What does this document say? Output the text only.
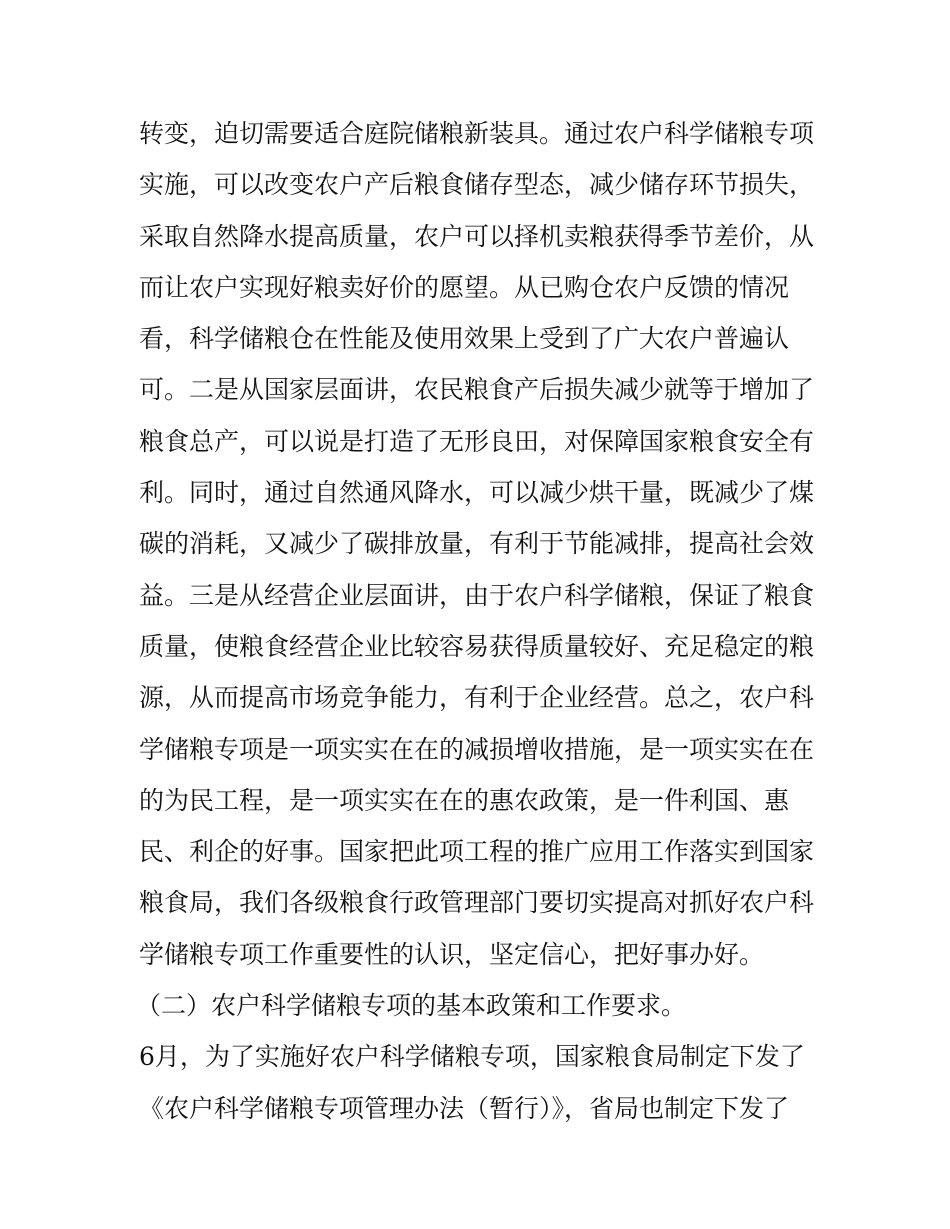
转变，迫切需要适合庭院储粮新装具。通过农户科学储粮专项
实施，可以改变农户产后粮食储存型态，减少储存环节损失，
采取自然降水提高质量，农户可以择机卖粮获得季节差价，从
而让农户实现好粮卖好价的愿望。从已购仓农户反馈的情况
看，科学储粮仓在性能及使用效果上受到了广大农户普遍认
可。二是从国家层面讲，农民粮食产后损失减少就等于增加了
粮食总产，可以说是打造了无形良田，对保障国家粮食安全有
利。同时，通过自然通风降水，可以减少烘干量，既减少了煤
碳的消耗，又减少了碳排放量，有利于节能减排，提高社会效
益。三是从经营企业层面讲，由于农户科学储粮，保证了粮食
质量，使粮食经营企业比较容易获得质量较好、充足稳定的粮
源，从而提高市场竞争能力，有利于企业经营。总之，农户科
学储粮专项是一项实实在在的减损增收措施，是一项实实在在
的为民工程，是一项实实在在的惠农政策，是一件利国、惠
民、利企的好事。国家把此项工程的推广应用工作落实到国家
粮食局，我们各级粮食行政管理部门要切实提高对抓好农户科
学储粮专项工作重要性的认识，坚定信心，把好事办好。
（二）农户科学储粮专项的基本政策和工作要求。
6月，为了实施好农户科学储粮专项，国家粮食局制定下发了
《农户科学储粮专项管理办法（暂行）》，省局也制定下发了
